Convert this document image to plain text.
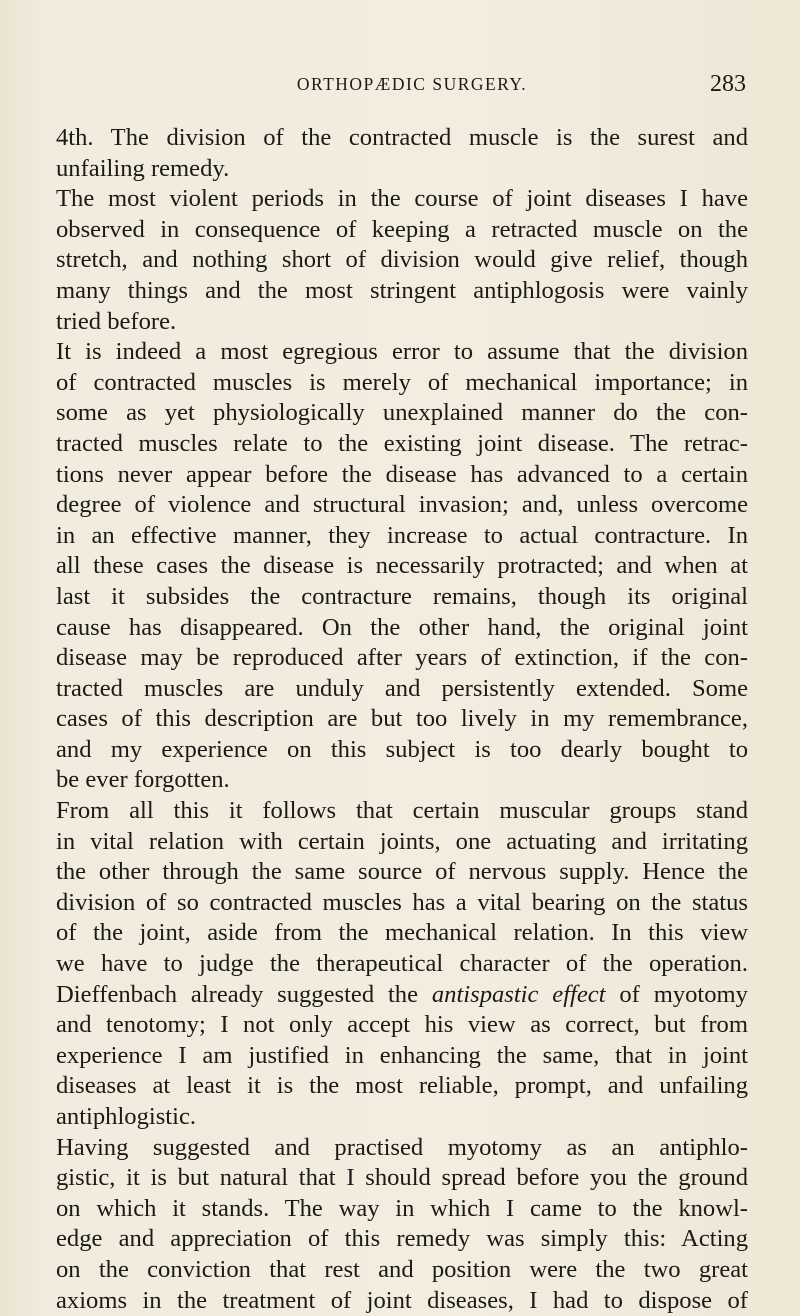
ORTHOPÆDIC SURGERY.	283
4th. The division of the contracted muscle is the surest and
unfailing remedy.
The most violent periods in the course of joint diseases I have
observed in consequence of keeping a retracted muscle on the
stretch, and nothing short of division would give relief, though
many things and the most stringent antiphlogosis were vainly
tried before.
It is indeed a most egregious error to assume that the division
of contracted muscles is merely of mechanical importance; in
some as yet physiologically unexplained manner do the con-
tracted muscles relate to the existing joint disease. The retrac-
tions never appear before the disease has advanced to a certain
degree of violence and structural invasion; and, unless overcome
in an effective manner, they increase to actual contracture. In
all these cases the disease is necessarily protracted; and when at
last it subsides the contracture remains, though its original
cause has disappeared. On the other hand, the original joint
disease may be reproduced after years of extinction, if the con-
tracted muscles are unduly and persistently extended. Some
cases of this description are but too lively in my remembrance,
and my experience on this subject is too dearly bought to
be ever forgotten.
From all this it follows that certain muscular groups stand
in vital relation with certain joints, one actuating and irritating
the other through the same source of nervous supply. Hence the
division of so contracted muscles has a vital bearing on the status
of the joint, aside from the mechanical relation. In this view
we have to judge the therapeutical character of the operation.
Dieffenbach already suggested the antispastic effect of myotomy
and tenotomy; I not only accept his view as correct, but from
experience I am justified in enhancing the same, that in joint
diseases at least it is the most reliable, prompt, and unfailing
antiphlogistic.
Having suggested and practised myotomy as an antiphlo-
gistic, it is but natural that I should spread before you the ground
on which it stands. The way in which I came to the knowl-
edge and appreciation of this remedy was simply this: Acting
on the conviction that rest and position were the two great
axioms in the treatment of joint diseases, I had to dispose of
